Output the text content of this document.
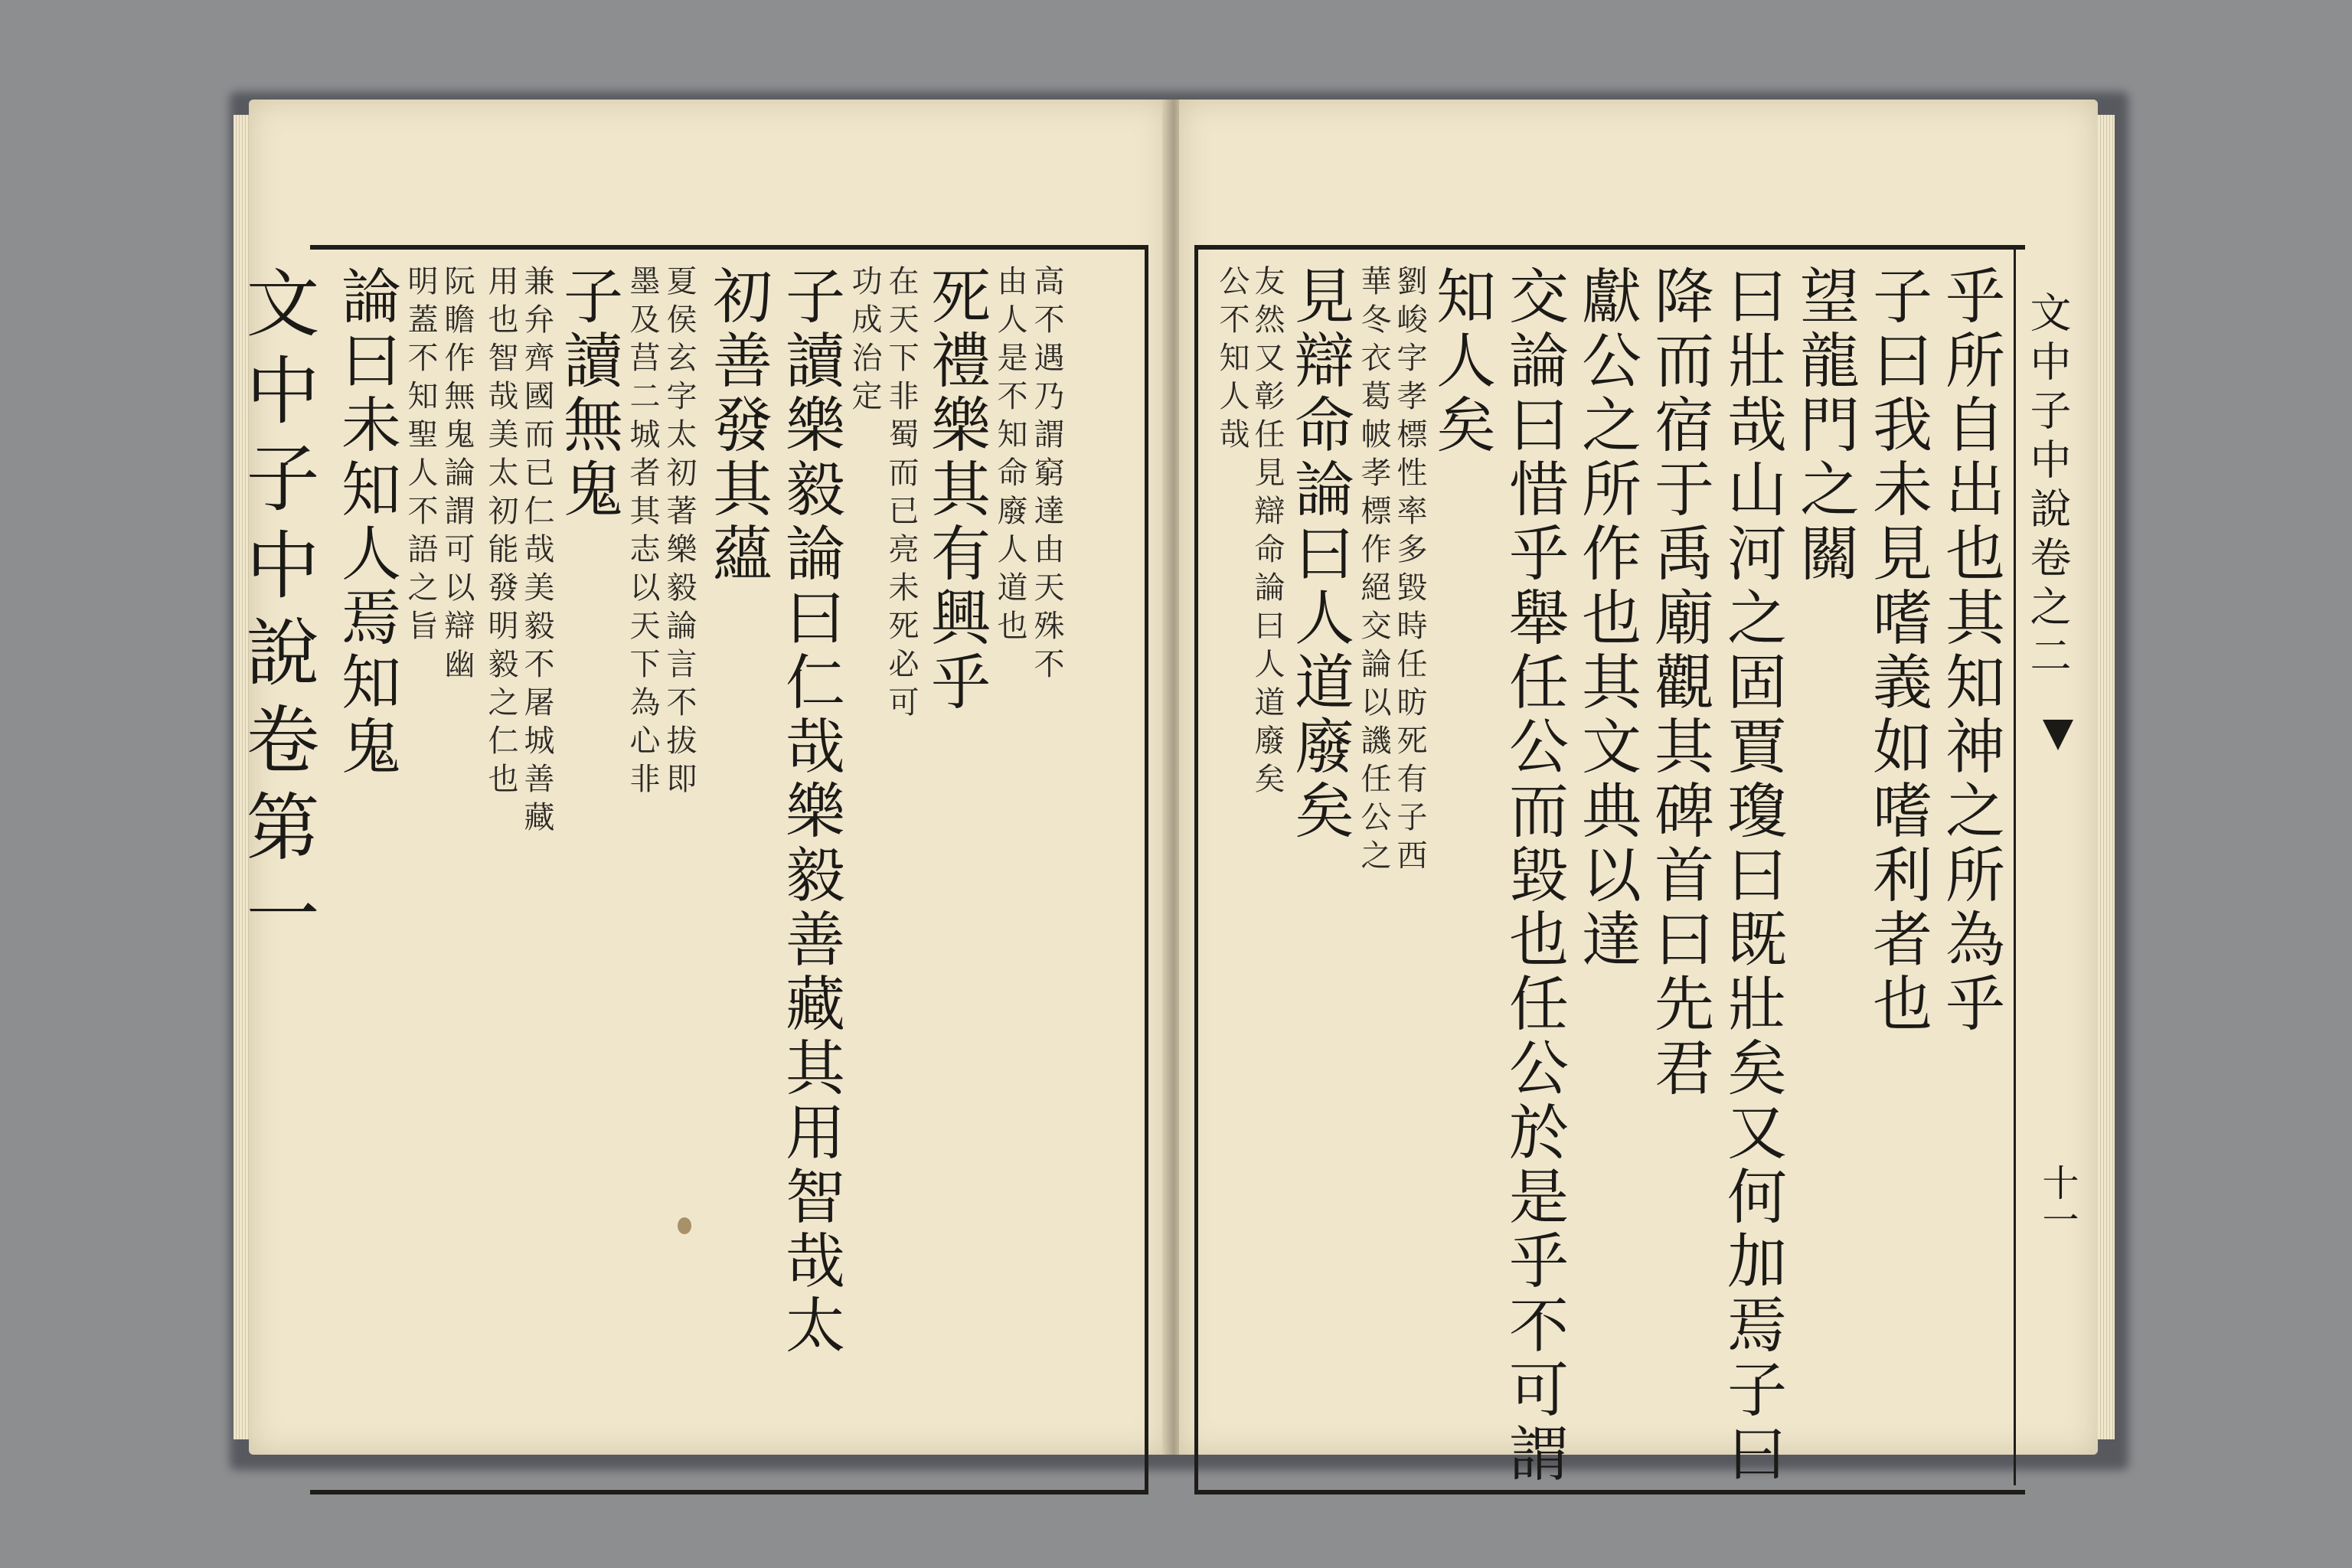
論曰未知人焉知鬼 明蓋不知聖人不語之旨 阮瞻作無鬼論謂可以辯幽 用也智哉美太初能發明毅之仁也 兼弁齊國而已仁哉美毅不屠城善藏 子讀無鬼 墨及莒二城者其志以天下為心非 夏侯玄字太初著樂毅論言不拔即 初善發其蘊 子讀樂毅論曰仁哉樂毅善藏其用智哉太 功成治定 在天下非蜀而已亮未死必可 死禮樂其有興乎 由人是不知命廢人道也 高不遇乃謂窮達由天殊不
文中子中說卷第一	公不知人哉 友然又彰任見辯命論曰人道廢矣 見辯命論曰人道廢矣 華冬衣葛帔孝標作絕交論以譏任公之 劉峻字孝標性率多毀時任昉死有子西 知人矣 交論曰惜乎舉任公而毀也任公於是乎不可謂 獻公之所作也其文典以達 降而宿于禹廟觀其碑首曰先君 曰壯哉山河之固賈瓊曰既壯矣又何加焉子曰 望龍門之關 子曰我未見嗜義如嗜利者也 乎所自出也其知神之所為乎 文中子中說卷之二
十一
